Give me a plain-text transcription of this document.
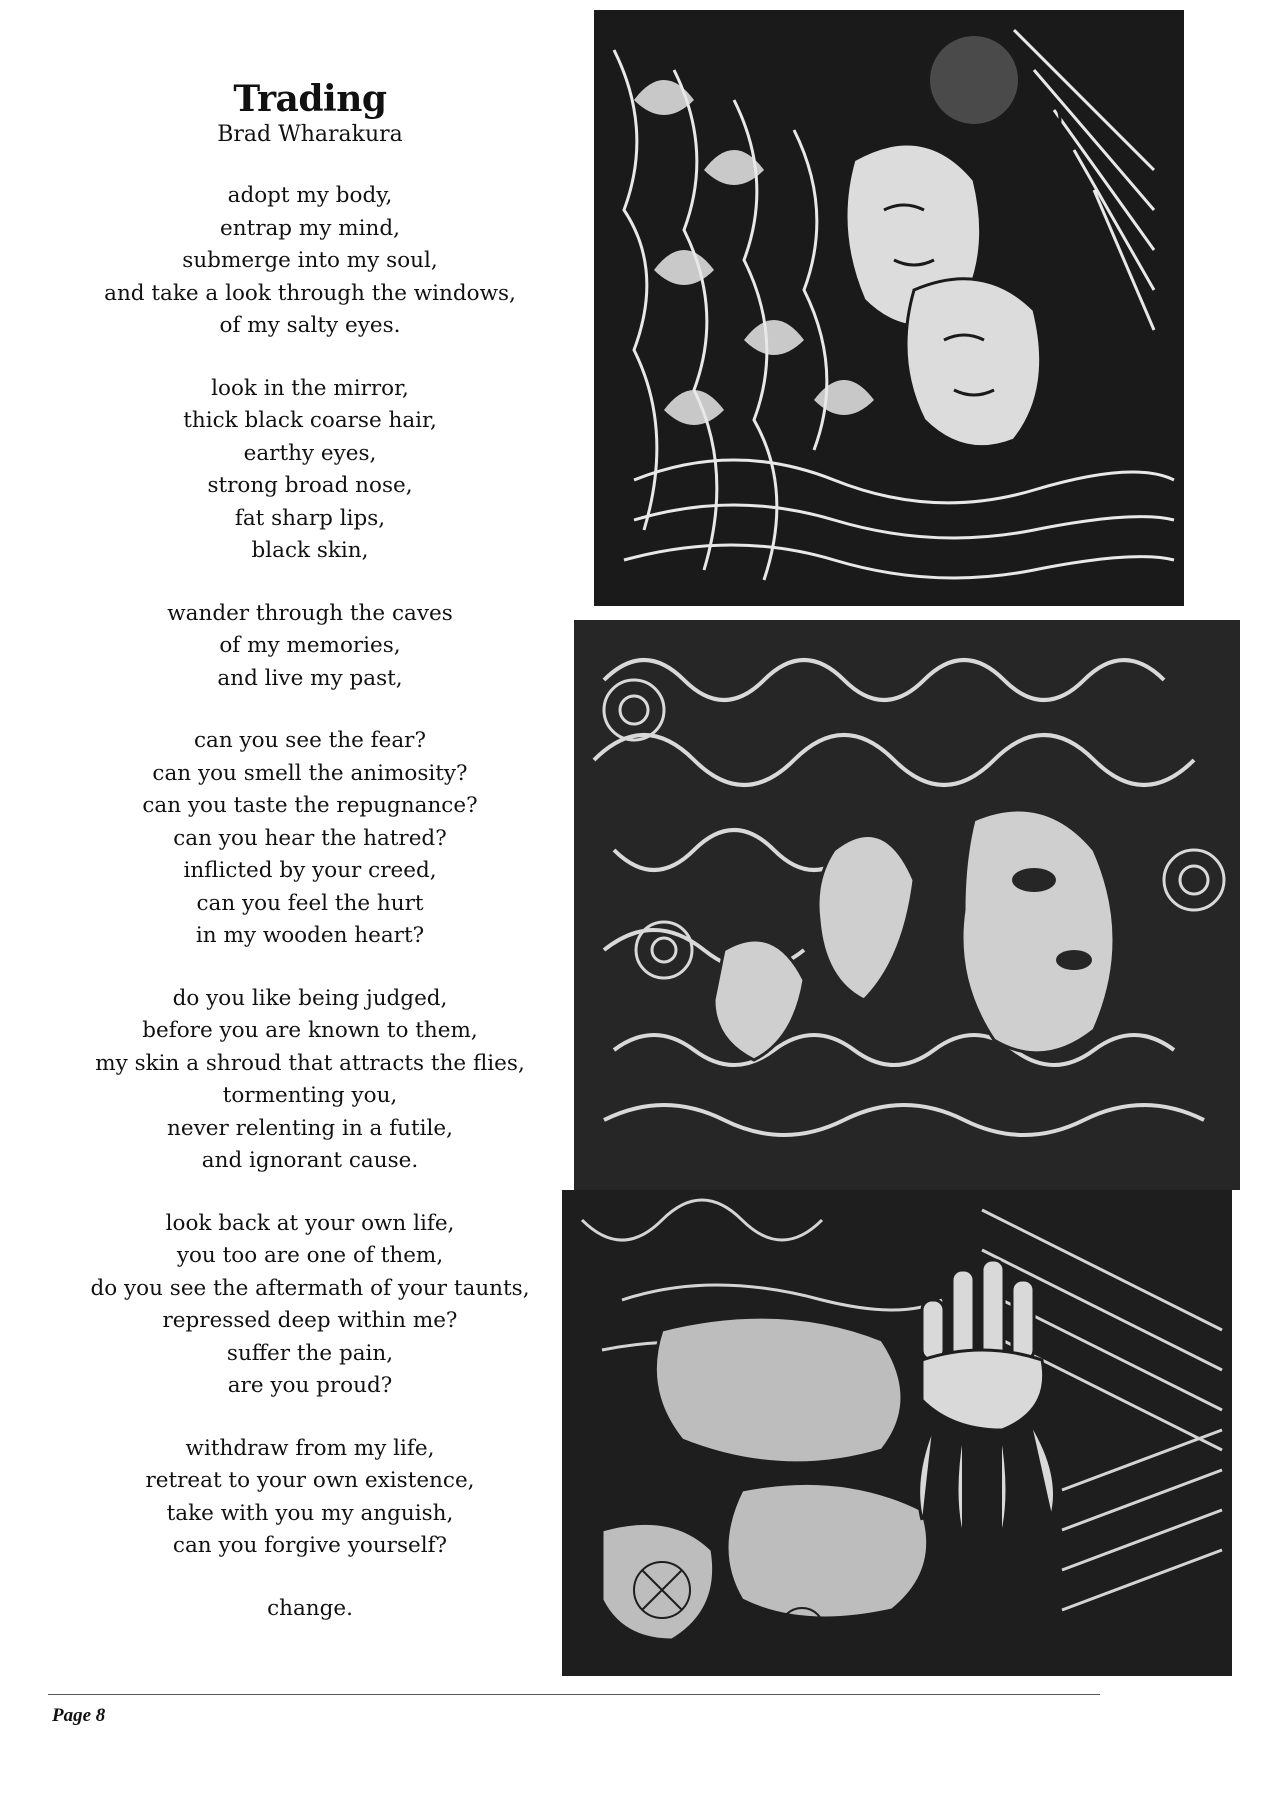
Trading

Brad Wharakura

adopt my body,
entrap my mind,
submerge into my soul,
and take a look through the windows,
of my salty eyes.
look in the mirror,
thick black coarse hair,
earthy eyes,
strong broad nose,
fat sharp lips,
black skin,
wander through the caves
of my memories,
and live my past,
can you see the fear?
can you smell the animosity?
can you taste the repugnance?
can you hear the hatred?
inflicted by your creed,
can you feel the hurt
in my wooden heart?
do you like being judged,
before you are known to them,
my skin a shroud that attracts the flies,
tormenting you,
never relenting in a futile,
and ignorant cause.
look back at your own life,
you too are one of them,
do you see the aftermath of your taunts,
repressed deep within me?
suffer the pain,
are you proud?
withdraw from my life,
retreat to your own existence,
take with you my anguish,
can you forgive yourself?
change.
Page 8
